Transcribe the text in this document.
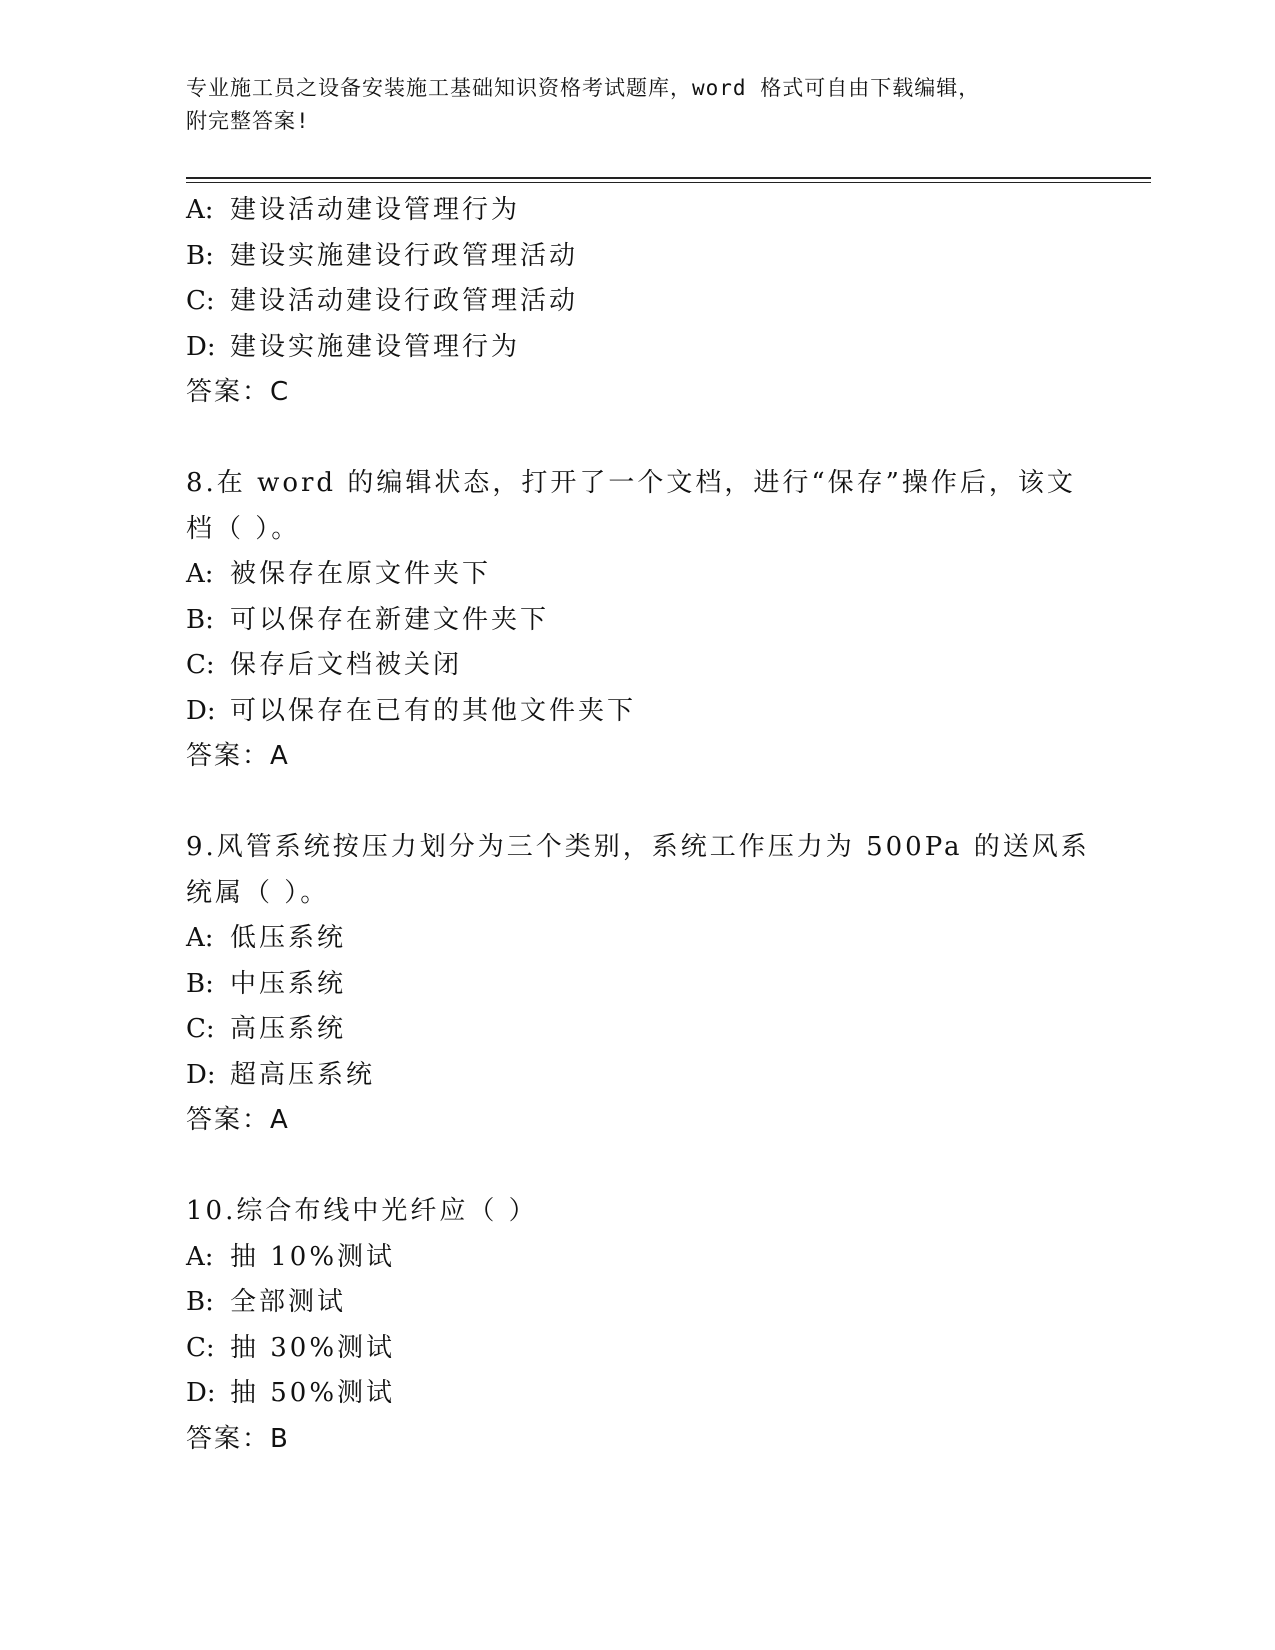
专业施工员之设备安装施工基础知识资格考试题库，word 格式可自由下载编辑，
附完整答案!
A: 建设活动建设管理行为
B: 建设实施建设行政管理活动
C: 建设活动建设行政管理活动
D: 建设实施建设管理行为
答案：C
8.在 word 的编辑状态，打开了一个文档，进行“保存”操作后，该文
档（ ）。
A: 被保存在原文件夹下
B: 可以保存在新建文件夹下
C: 保存后文档被关闭
D: 可以保存在已有的其他文件夹下
答案：A
9.风管系统按压力划分为三个类别，系统工作压力为 500Pa 的送风系
统属（ ）。
A: 低压系统
B: 中压系统
C: 高压系统
D: 超高压系统
答案：A
10.综合布线中光纤应（ ）
A: 抽 10%测试
B: 全部测试
C: 抽 30%测试
D: 抽 50%测试
答案：B
